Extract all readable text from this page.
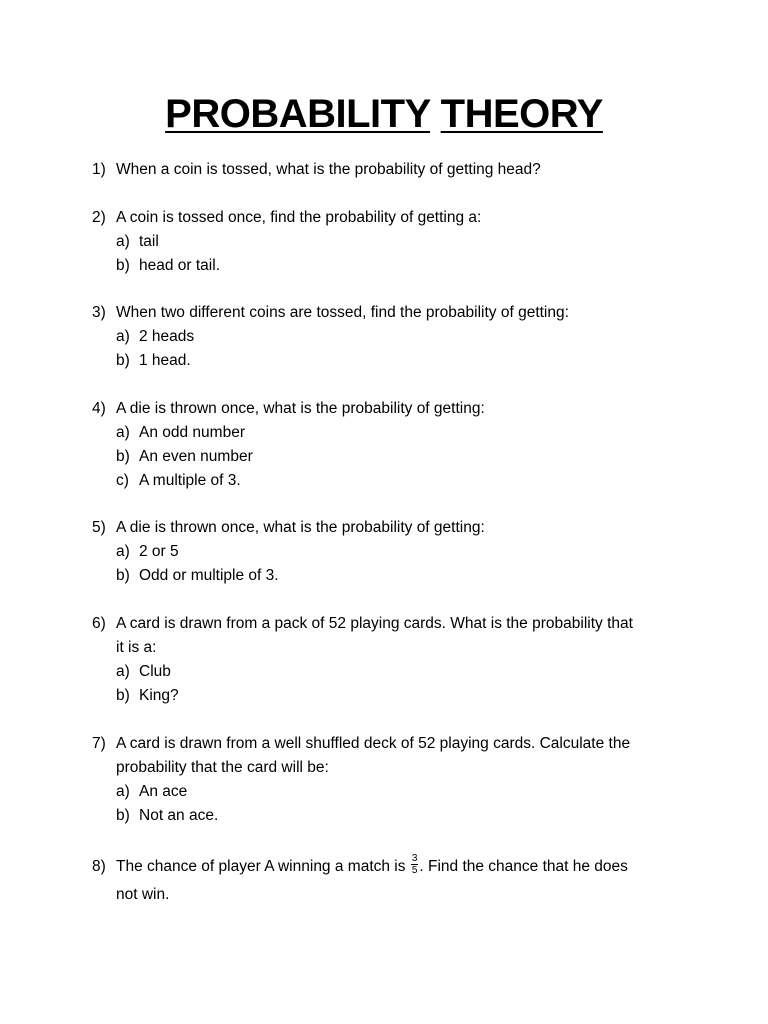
PROBABILITY THEORY
1) When a coin is tossed, what is the probability of getting head?
2) A coin is tossed once, find the probability of getting a:
a) tail
b) head or tail.
3) When two different coins are tossed, find the probability of getting:
a) 2 heads
b) 1 head.
4) A die is thrown once, what is the probability of getting:
a) An odd number
b) An even number
c) A multiple of 3.
5) A die is thrown once, what is the probability of getting:
a) 2 or 5
b) Odd or multiple of 3.
6) A card is drawn from a pack of 52 playing cards. What is the probability that
it is a:
a) Club
b) King?
7) A card is drawn from a well shuffled deck of 52 playing cards. Calculate the
probability that the card will be:
a) An ace
b) Not an ace.
8) The chance of player A winning a match is $\frac{3}{5}$ . Find the chance that he does
not win.
